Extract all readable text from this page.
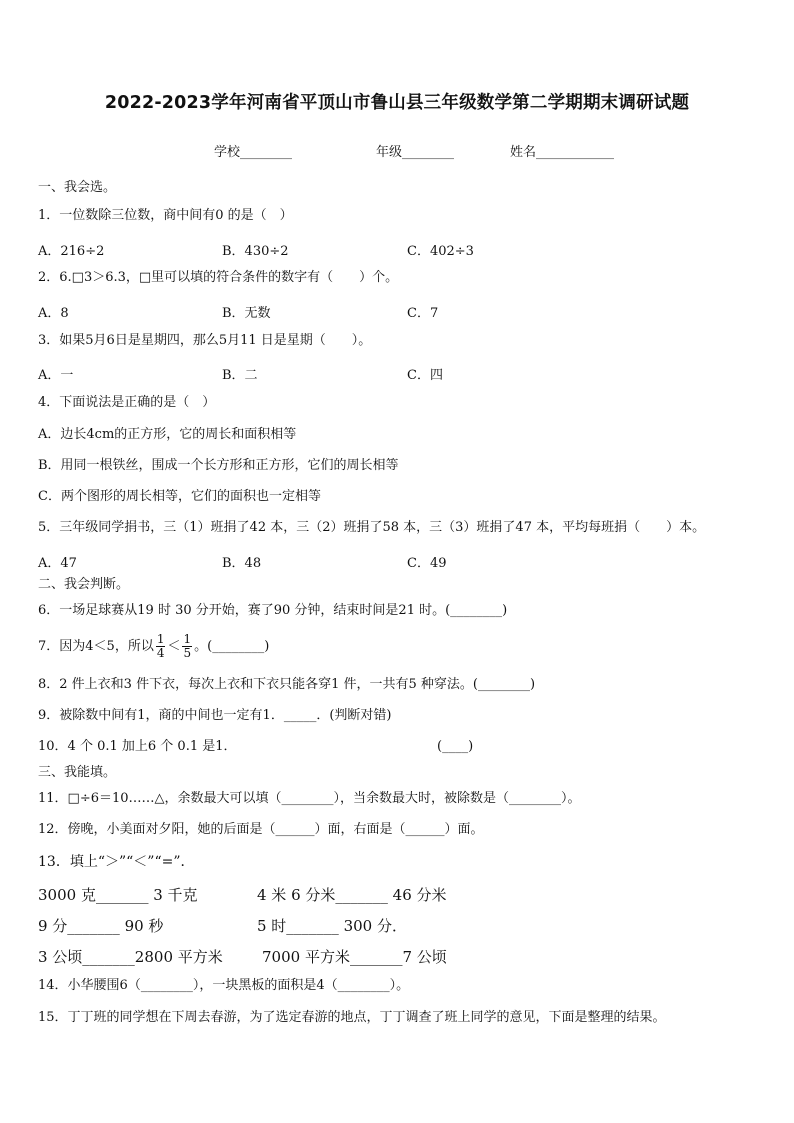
2022-2023学年河南省平顶山市鲁山县三年级数学第二学期期末调研试题
学校________	年级________	姓名____________
一、我会选。
1．一位数除三位数，商中间有0 的是（　）
A．216÷2	B．430÷2	C．402÷3
2．6.□3＞6.3，□里可以填的符合条件的数字有（　　）个。
A．8	B．无数	C．7
3．如果5月6日是星期四，那么5月11 日是星期（　　）。
A．一	B．二	C．四
4．下面说法是正确的是（　）
A．边长4cm的正方形，它的周长和面积相等
B．用同一根铁丝，围成一个长方形和正方形，它们的周长相等
C．两个图形的周长相等，它们的面积也一定相等
5．三年级同学捐书，三（1）班捐了42 本，三（2）班捐了58 本，三（3）班捐了47 本，平均每班捐（　　）本。
A．47	B．48	C．49
二、我会判断。
6．一场足球赛从19 时 30 分开始，赛了90 分钟，结束时间是21 时。(________)
7．因为4＜5，所以 $\frac{1}{4} < \frac{1}{5}$ 。(________)
8．2 件上衣和3 件下衣，每次上衣和下衣只能各穿1 件，一共有5 种穿法。(________)
9．被除数中间有1，商的中间也一定有1．_____．(判断对错)
10．4 个 0.1 加上6 个 0.1 是1．	(____)
三、我能填。
11．□÷6＝10……△，余数最大可以填（________），当余数最大时，被除数是（________）。
12．傍晚，小美面对夕阳，她的后面是（______）面，右面是（______）面。
13．填上“＞”“＜”“=”．
3000 克_______ 3 千克	4 米 6 分米_______ 46 分米
9 分_______ 90 秒	5 时_______ 300 分．
3 公顷_______2800 平方米	7000 平方米_______7 公顷
14．小华腰围6（________），一块黑板的面积是4（________）。
15．丁丁班的同学想在下周去春游，为了选定春游的地点，丁丁调查了班上同学的意见，下面是整理的结果。
